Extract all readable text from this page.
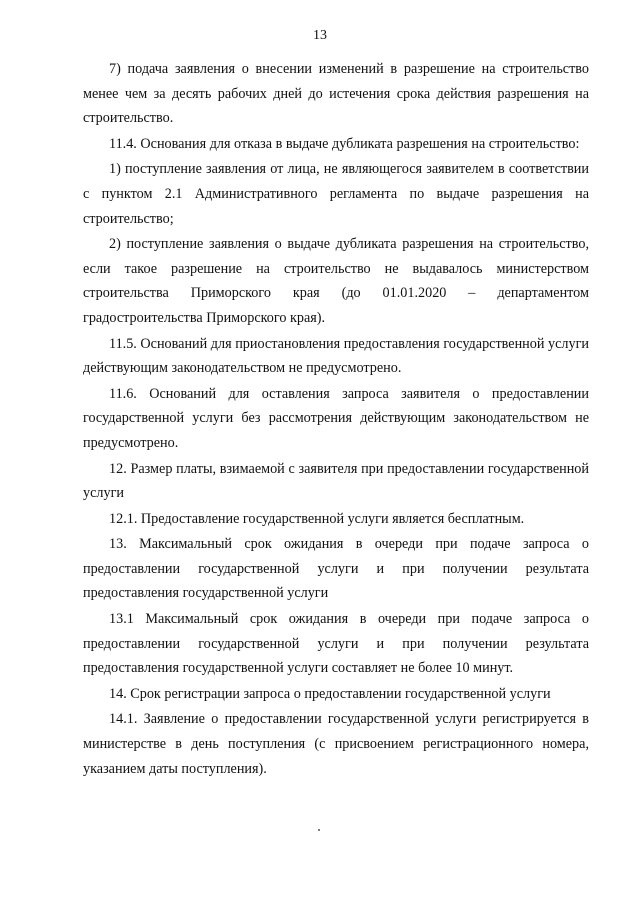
13

7) подача заявления о внесении изменений в разрешение на строительство менее чем за десять рабочих дней до истечения срока действия разрешения на строительство.

11.4. Основания для отказа в выдаче дубликата разрешения на строительство:

1) поступление заявления от лица, не являющегося заявителем в соответствии с пунктом 2.1 Административного регламента по выдаче разрешения на строительство;

2) поступление заявления о выдаче дубликата разрешения на строительство, если такое разрешение на строительство не выдавалось министерством строительства Приморского края (до 01.01.2020 – департаментом градостроительства Приморского края).

11.5. Оснований для приостановления предоставления государственной услуги действующим законодательством не предусмотрено.

11.6. Оснований для оставления запроса заявителя о предоставлении государственной услуги без рассмотрения действующим законодательством не предусмотрено.

12. Размер платы, взимаемой с заявителя при предоставлении государственной услуги

12.1. Предоставление государственной услуги является бесплатным.

13. Максимальный срок ожидания в очереди при подаче запроса о предоставлении государственной услуги и при получении результата предоставления государственной услуги

13.1 Максимальный срок ожидания в очереди при подаче запроса о предоставлении государственной услуги и при получении результата предоставления государственной услуги составляет не более 10 минут.

14. Срок регистрации запроса о предоставлении государственной услуги

14.1. Заявление о предоставлении государственной услуги регистрируется в министерстве в день поступления (с присвоением регистрационного номера, указанием даты поступления).
